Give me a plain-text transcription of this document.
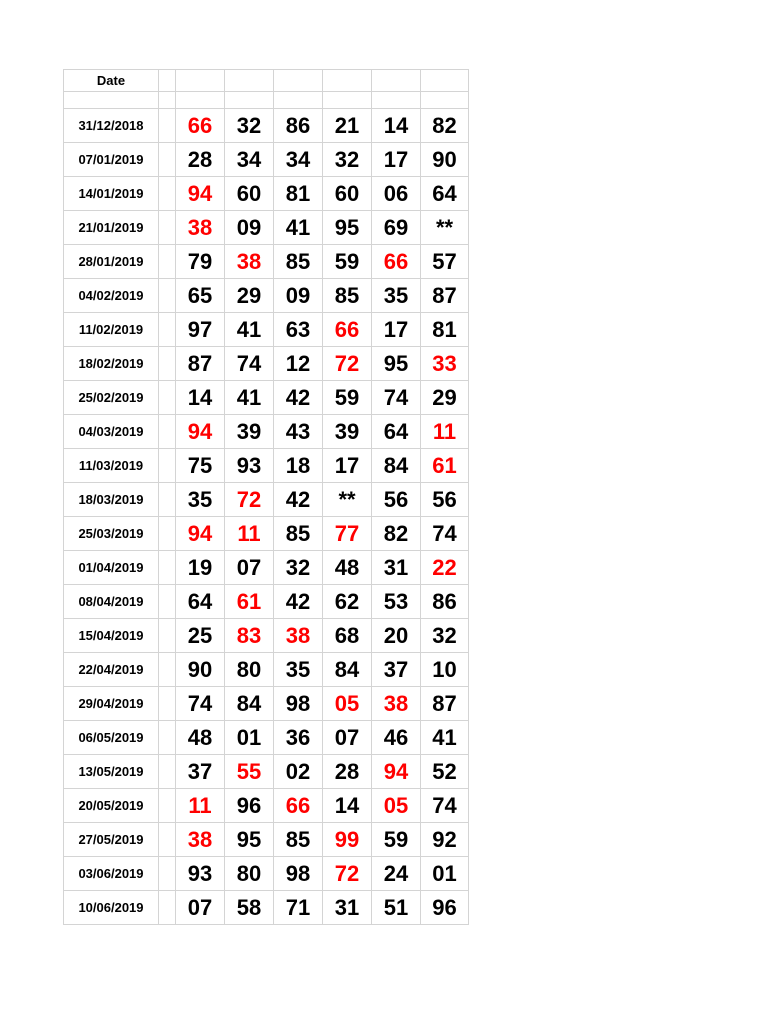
Date							

31/12/2018		66	32	86	21	14	82
07/01/2019		28	34	34	32	17	90
14/01/2019		94	60	81	60	06	64
21/01/2019		38	09	41	95	69	**
28/01/2019		79	38	85	59	66	57
04/02/2019		65	29	09	85	35	87
11/02/2019		97	41	63	66	17	81
18/02/2019		87	74	12	72	95	33
25/02/2019		14	41	42	59	74	29
04/03/2019		94	39	43	39	64	11
11/03/2019		75	93	18	17	84	61
18/03/2019		35	72	42	**	56	56
25/03/2019		94	11	85	77	82	74
01/04/2019		19	07	32	48	31	22
08/04/2019		64	61	42	62	53	86
15/04/2019		25	83	38	68	20	32
22/04/2019		90	80	35	84	37	10
29/04/2019		74	84	98	05	38	87
06/05/2019		48	01	36	07	46	41
13/05/2019		37	55	02	28	94	52
20/05/2019		11	96	66	14	05	74
27/05/2019		38	95	85	99	59	92
03/06/2019		93	80	98	72	24	01
10/06/2019		07	58	71	31	51	96
